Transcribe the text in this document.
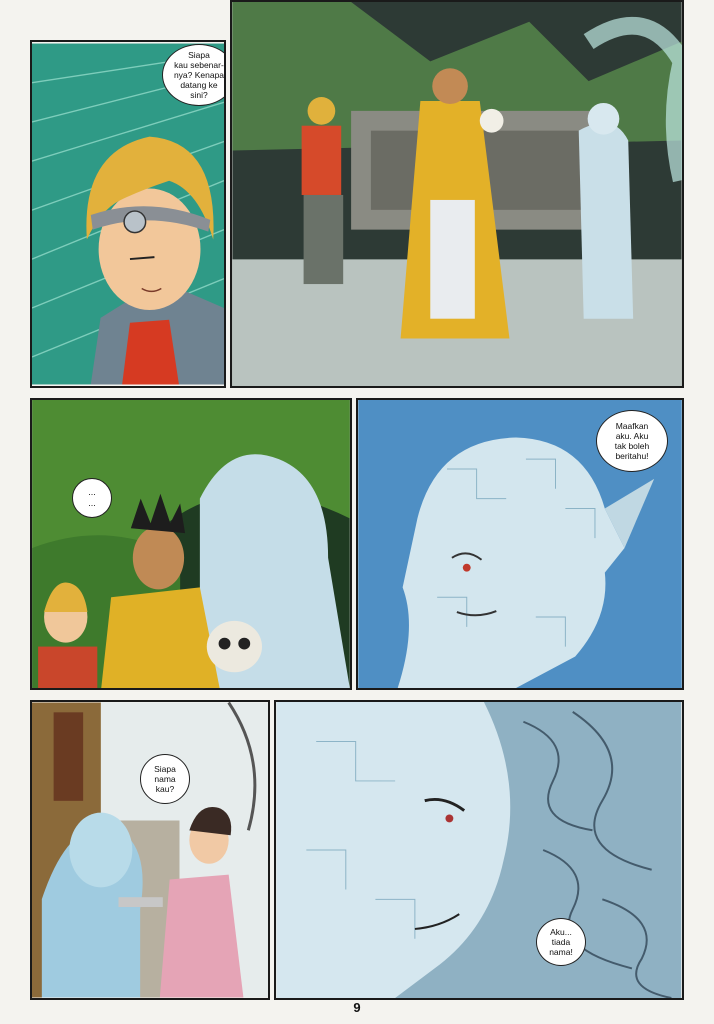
Siapa
kau sebenar-
nya? Kenapa
datang ke
sini?
...
...
Maafkan
aku. Aku
tak boleh
beritahu!
Siapa
nama
kau?
Aku...
tiada
nama!
9
